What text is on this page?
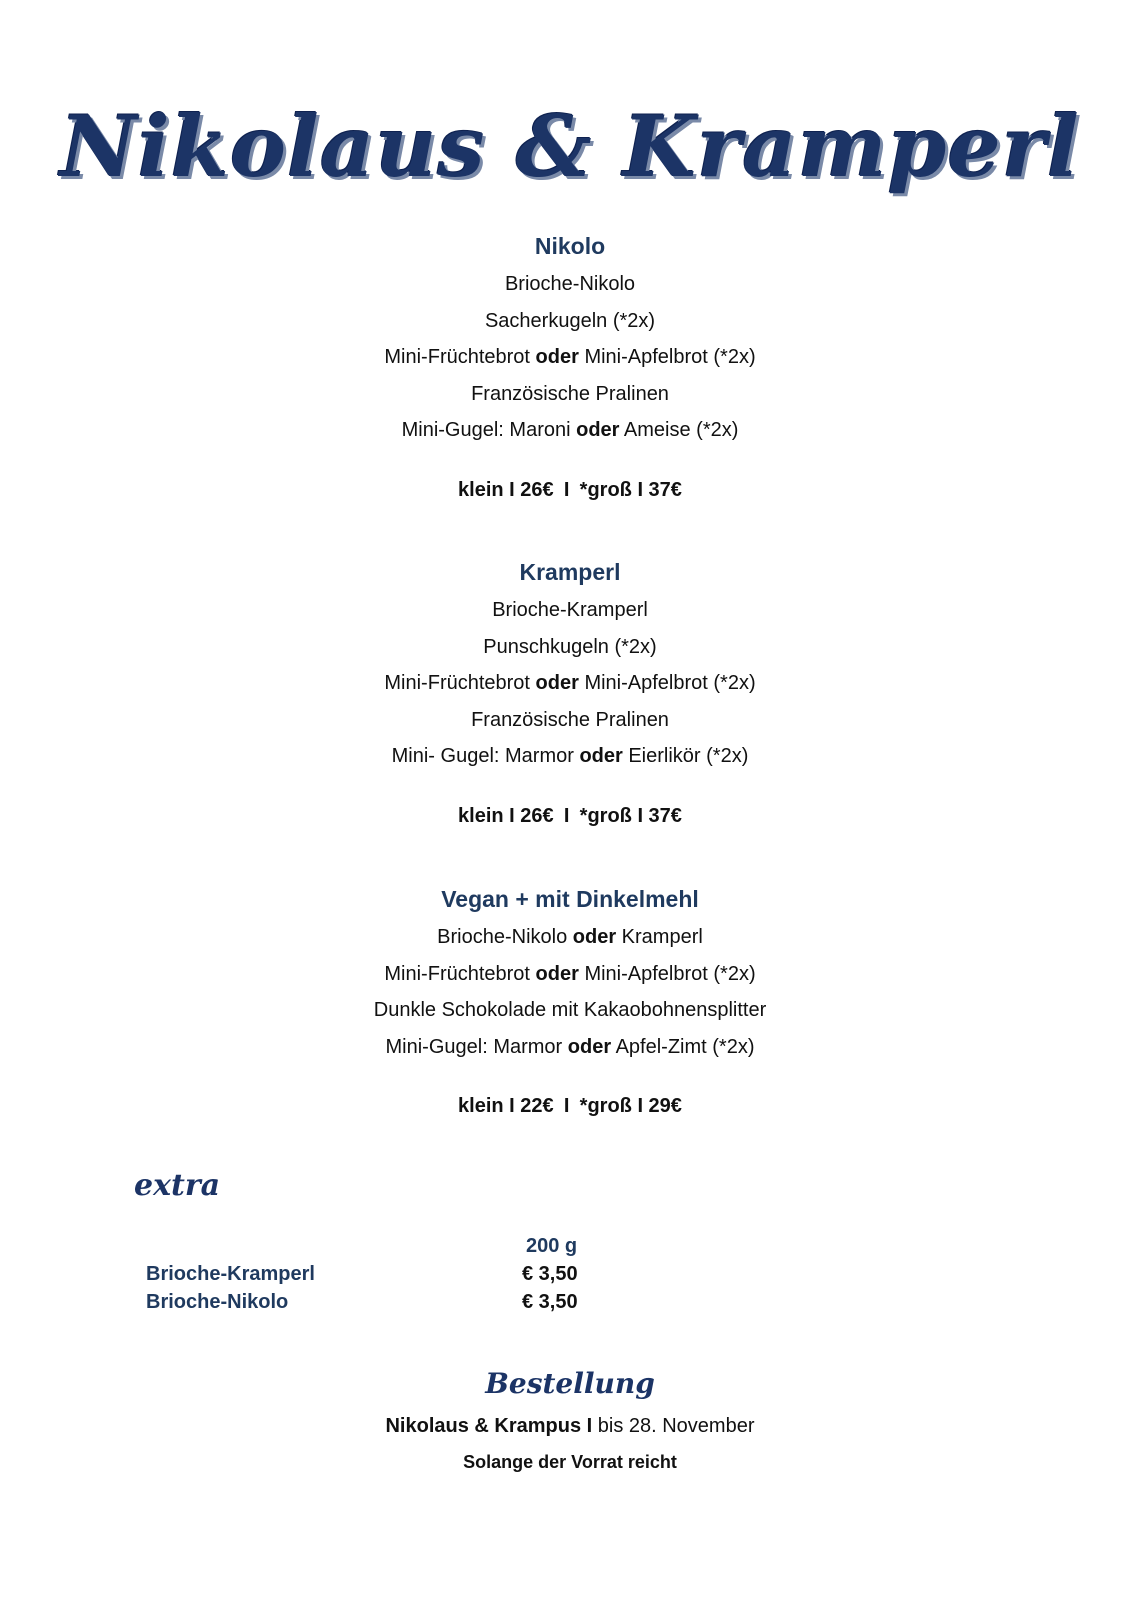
Nikolaus & Kramperl
Nikolo
Brioche-Nikolo
Sacherkugeln (*2x)
Mini-Früchtebrot oder Mini-Apfelbrot (*2x)
Französische Pralinen
Mini-Gugel: Maroni oder Ameise (*2x)
klein I 26€ I *groß I 37€
Kramperl
Brioche-Kramperl
Punschkugeln (*2x)
Mini-Früchtebrot oder Mini-Apfelbrot (*2x)
Französische Pralinen
Mini- Gugel: Marmor oder Eierlikör (*2x)
klein I 26€ I *groß I 37€
Vegan + mit Dinkelmehl
Brioche-Nikolo oder Kramperl
Mini-Früchtebrot oder Mini-Apfelbrot (*2x)
Dunkle Schokolade mit Kakaobohnensplitter
Mini-Gugel: Marmor oder Apfel-Zimt (*2x)
klein I 22€ I *groß I 29€
extra
200 g
Brioche-Kramperl	€ 3,50
Brioche-Nikolo	€ 3,50
Bestellung
Nikolaus & Krampus I bis 28. November
Solange der Vorrat reicht
